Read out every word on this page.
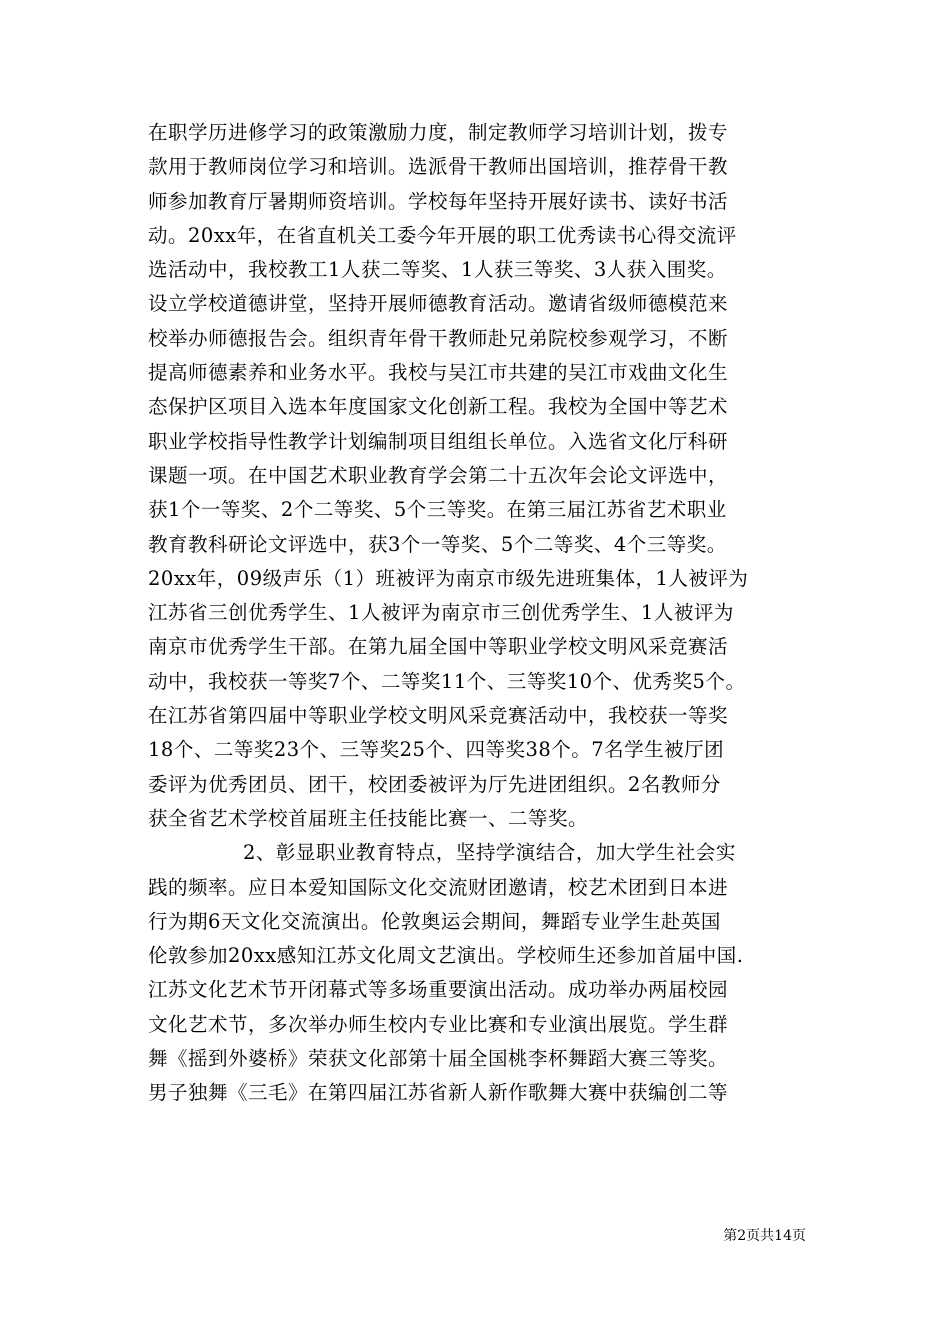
在职学历进修学习的政策激励力度，制定教师学习培训计划，拨专
款用于教师岗位学习和培训。选派骨干教师出国培训，推荐骨干教
师参加教育厅暑期师资培训。学校每年坚持开展好读书、读好书活
动。20xx年，在省直机关工委今年开展的职工优秀读书心得交流评
选活动中，我校教工1人获二等奖、1人获三等奖、3人获入围奖。
设立学校道德讲堂，坚持开展师德教育活动。邀请省级师德模范来
校举办师德报告会。组织青年骨干教师赴兄弟院校参观学习，不断
提高师德素养和业务水平。我校与吴江市共建的吴江市戏曲文化生
态保护区项目入选本年度国家文化创新工程。我校为全国中等艺术
职业学校指导性教学计划编制项目组组长单位。入选省文化厅科研
课题一项。在中国艺术职业教育学会第二十五次年会论文评选中，
获1个一等奖、2个二等奖、5个三等奖。在第三届江苏省艺术职业
教育教科研论文评选中，获3个一等奖、5个二等奖、4个三等奖。
20xx年，09级声乐（1）班被评为南京市级先进班集体，1人被评为
江苏省三创优秀学生、1人被评为南京市三创优秀学生、1人被评为
南京市优秀学生干部。在第九届全国中等职业学校文明风采竞赛活
动中，我校获一等奖7个、二等奖11个、三等奖10个、优秀奖5个。
在江苏省第四届中等职业学校文明风采竞赛活动中，我校获一等奖
18个、二等奖23个、三等奖25个、四等奖38个。7名学生被厅团
委评为优秀团员、团干，校团委被评为厅先进团组织。2名教师分
获全省艺术学校首届班主任技能比赛一、二等奖。
2、彰显职业教育特点，坚持学演结合，加大学生社会实
践的频率。应日本爱知国际文化交流财团邀请，校艺术团到日本进
行为期6天文化交流演出。伦敦奥运会期间，舞蹈专业学生赴英国
伦敦参加20xx感知江苏文化周文艺演出。学校师生还参加首届中国.
江苏文化艺术节开闭幕式等多场重要演出活动。成功举办两届校园
文化艺术节，多次举办师生校内专业比赛和专业演出展览。学生群
舞《摇到外婆桥》荣获文化部第十届全国桃李杯舞蹈大赛三等奖。
男子独舞《三毛》在第四届江苏省新人新作歌舞大赛中获编创二等
第2页共14页
